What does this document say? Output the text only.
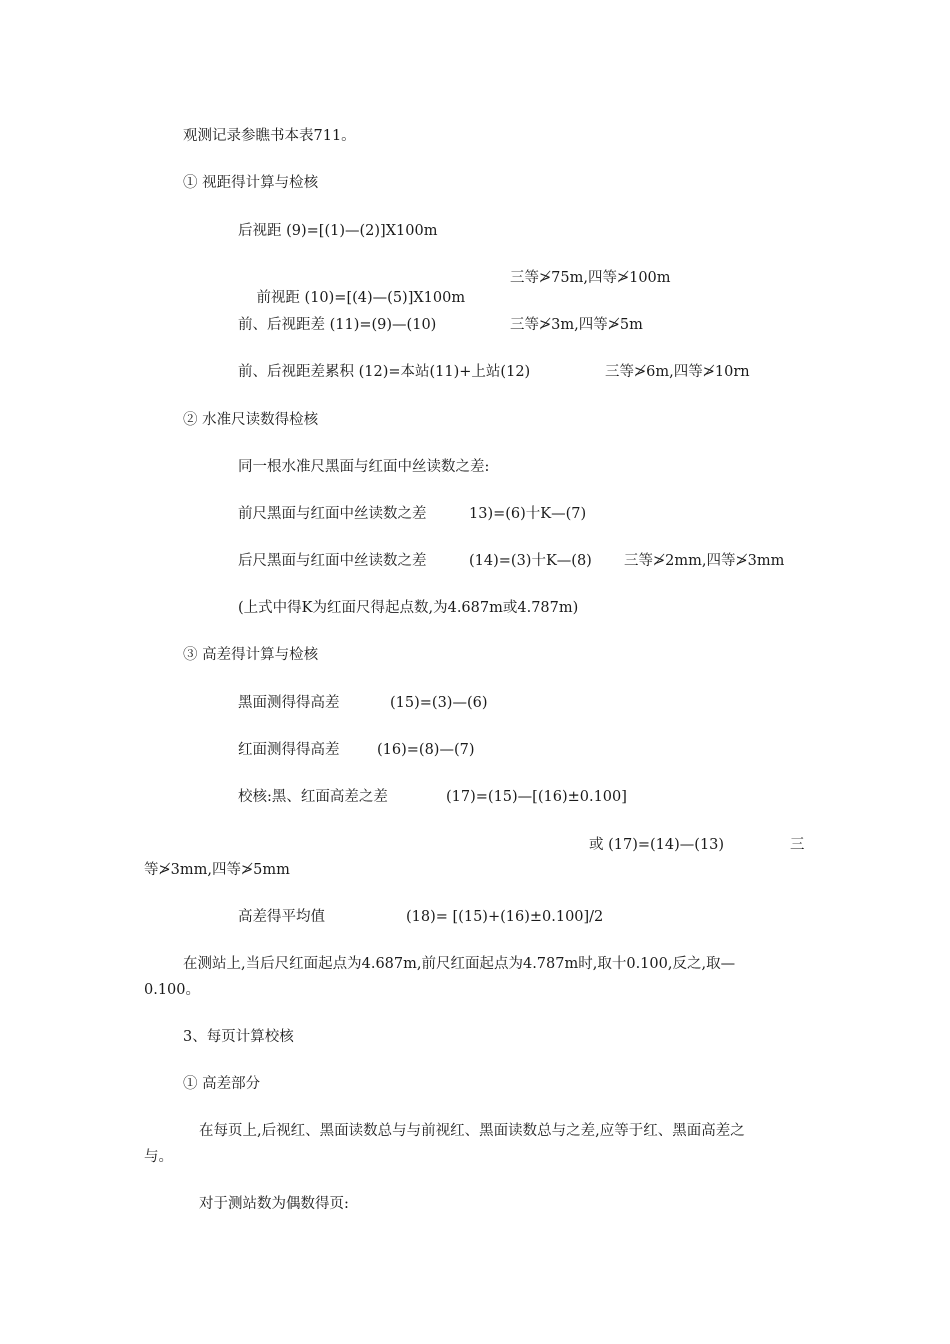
观测记录参瞧书本表711。
① 视距得计算与检核
后视距 (9)=[(1)—(2)]X100m

前视距 (10)=[(4)—(5)]X100m

三等≯75m,四等≯100m
前、后视距差 (11)=(9)—(10)	三等≯3m,四等≯5m
前、后视距差累积 (12)=本站(11)+上站(12)	三等≯6m,四等≯10rn
② 水准尺读数得检核
同一根水准尺黑面与红面中丝读数之差:
前尺黑面与红面中丝读数之差	13)=(6)十K—(7)
后尺黑面与红面中丝读数之差	(14)=(3)十K—(8) 三等≯2mm,四等≯3mm
(上式中得K为红面尺得起点数,为4.687m或4.787m)
③ 高差得计算与检核
黑面测得得高差	(15)=(3)—(6)
红面测得得高差	(16)=(8)—(7)
校核:黑、红面高差之差	(17)=(15)—[(16)±0.100]
或 (17)=(14)—(13)	三
等≯3mm,四等≯5mm
高差得平均值	(18)= [(15)+(16)±0.100]/2
在测站上,当后尺红面起点为4.687m,前尺红面起点为4.787m时,取十0.100,反之,取—
0.100。
3、每页计算校核
① 高差部分
在每页上,后视红、黑面读数总与与前视红、黑面读数总与之差,应等于红、黑面高差之
与。
对于测站数为偶数得页:
